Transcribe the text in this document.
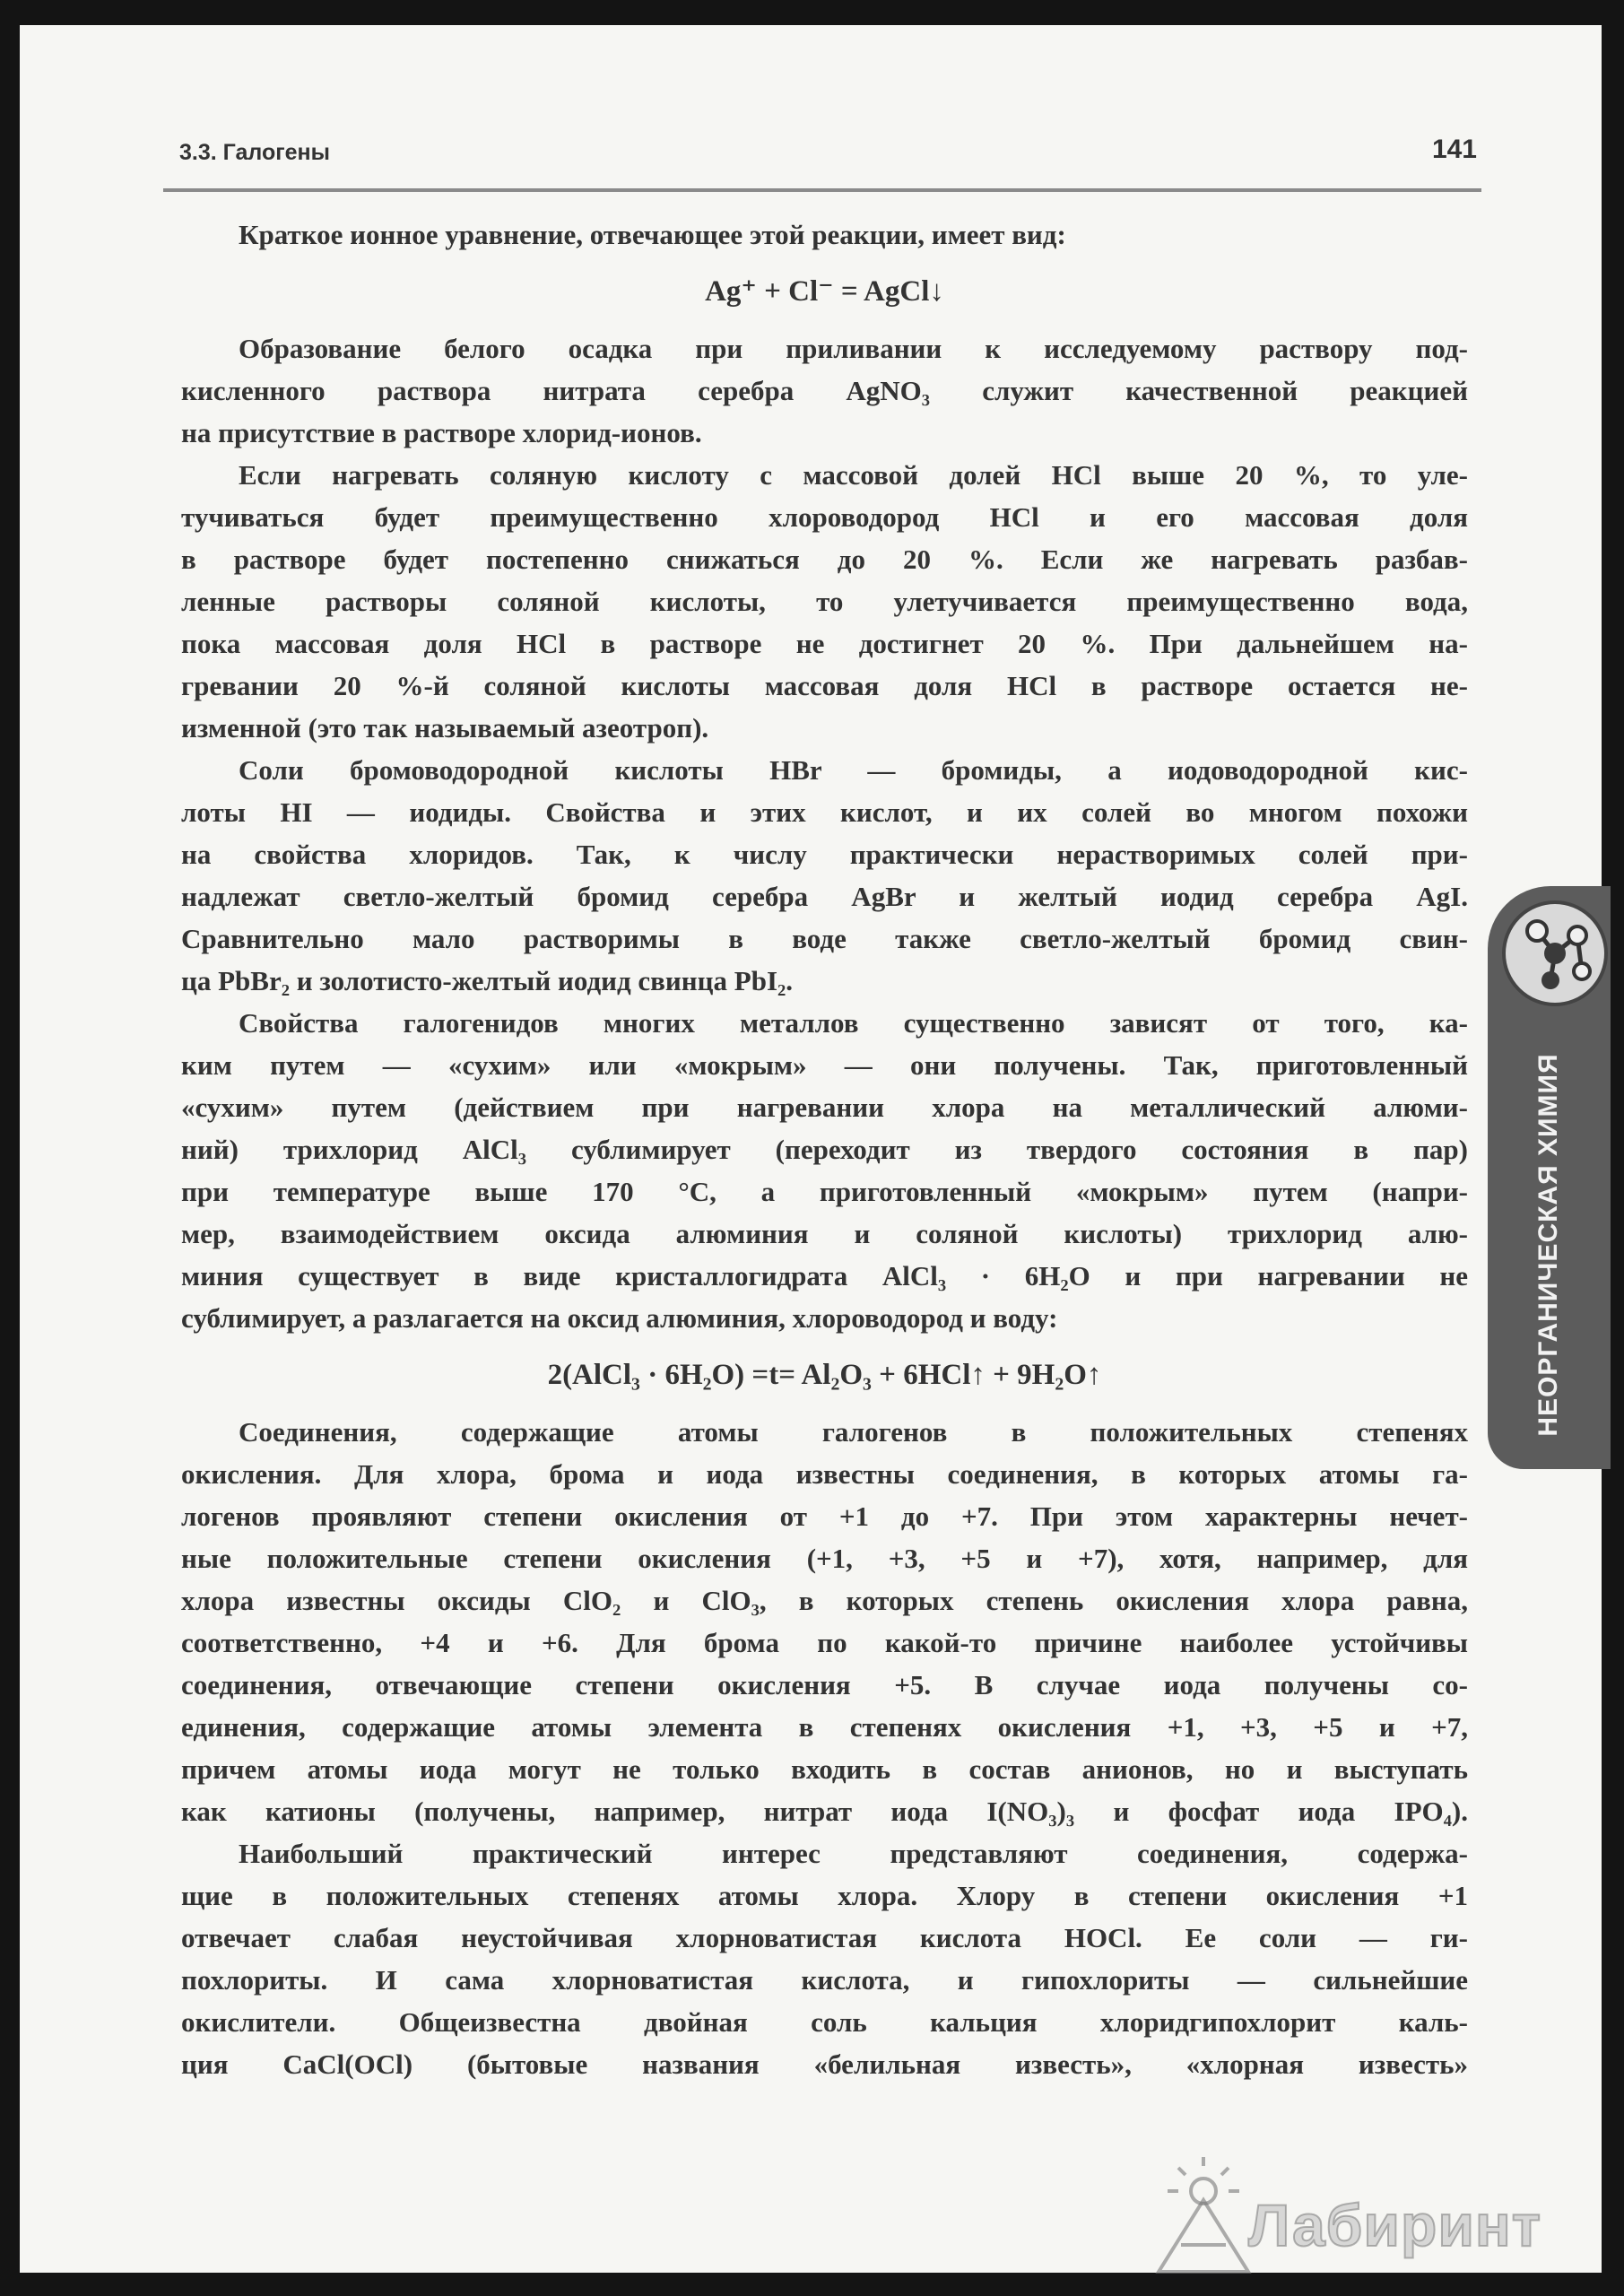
3.3. Галогены	141
Краткое ионное уравнение, отвечающее этой реакции, имеет вид:
Ag⁺ + Cl⁻ = AgCl↓
Образование белого осадка при приливании к исследуемому раствору под-
кисленного раствора нитрата серебра AgNO₃ служит качественной реакцией
на присутствие в растворе хлорид-ионов.
Если нагревать соляную кислоту с массовой долей HCl выше 20 %, то уле-
тучиваться будет преимущественно хлороводород HCl и его массовая доля
в растворе будет постепенно снижаться до 20 %. Если же нагревать разбав-
ленные растворы соляной кислоты, то улетучивается преимущественно вода,
пока массовая доля HCl в растворе не достигнет 20 %. При дальнейшем на-
гревании 20 %-й соляной кислоты массовая доля HCl в растворе остается не-
изменной (это так называемый азеотроп).
Соли бромоводородной кислоты HBr — бромиды, а иодоводородной кис-
лоты HI — иодиды. Свойства и этих кислот, и их солей во многом похожи
на свойства хлоридов. Так, к числу практически нерастворимых солей при-
надлежат светло-желтый бромид серебра AgBr и желтый иодид серебра AgI.
Сравнительно мало растворимы в воде также светло-желтый бромид свин-
ца PbBr₂ и золотисто-желтый иодид свинца PbI₂.
Свойства галогенидов многих металлов существенно зависят от того, ка-
ким путем — «сухим» или «мокрым» — они получены. Так, приготовленный
«сухим» путем (действием при нагревании хлора на металлический алюми-
ний) трихлорид AlCl₃ сублимирует (переходит из твердого состояния в пар)
при температуре выше 170 °C, а приготовленный «мокрым» путем (напри-
мер, взаимодействием оксида алюминия и соляной кислоты) трихлорид алю-
миния существует в виде кристаллогидрата AlCl₃ · 6H₂O и при нагревании не
сублимирует, а разлагается на оксид алюминия, хлороводород и воду:
2(AlCl₃ · 6H₂O) =t= Al₂O₃ + 6HCl↑ + 9H₂O↑
Соединения, содержащие атомы галогенов в положительных степенях
окисления. Для хлора, брома и иода известны соединения, в которых атомы га-
логенов проявляют степени окисления от +1 до +7. При этом характерны нечет-
ные положительные степени окисления (+1, +3, +5 и +7), хотя, например, для
хлора известны оксиды ClO₂ и ClO₃, в которых степень окисления хлора равна,
соответственно, +4 и +6. Для брома по какой-то причине наиболее устойчивы
соединения, отвечающие степени окисления +5. В случае иода получены со-
единения, содержащие атомы элемента в степенях окисления +1, +3, +5 и +7,
причем атомы иода могут не только входить в состав анионов, но и выступать
как катионы (получены, например, нитрат иода I(NO₃)₃ и фосфат иода IPO₄).
Наибольший практический интерес представляют соединения, содержа-
щие в положительных степенях атомы хлора. Хлору в степени окисления +1
отвечает слабая неустойчивая хлорноватистая кислота HOCl. Ее соли — ги-
похлориты. И сама хлорноватистая кислота, и гипохлориты — сильнейшие
окислители. Общеизвестна двойная соль кальция хлоридгипохлорит каль-
ция CaCl(OCl) (бытовые названия «белильная известь», «хлорная известь»
НЕОРГАНИЧЕСКАЯ ХИМИЯ
Лабиринт
